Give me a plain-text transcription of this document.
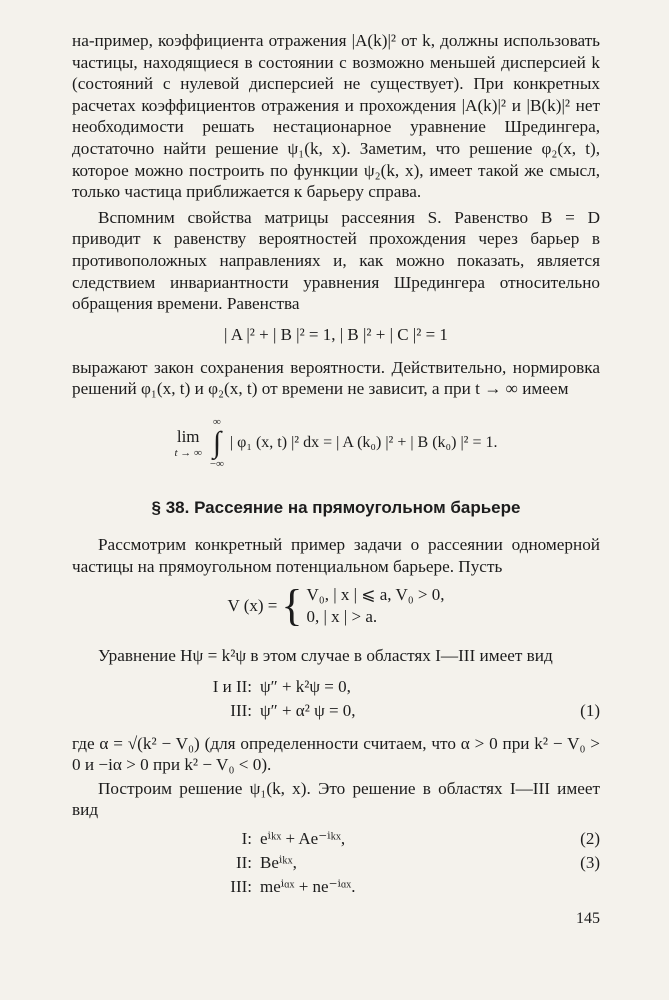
на-пример, коэффициента отражения |A(k)|² от k, должны использовать частицы, находящиеся в состоянии с возможно меньшей дисперсией k (состояний с нулевой дисперсией не существует). При конкретных расчетах коэффициентов отражения и прохождения |A(k)|² и |B(k)|² нет необходимости решать нестационарное уравнение Шредингера, достаточно найти решение ψ₁(k, x). Заметим, что решение φ₂(x, t), которое можно построить по функции ψ₂(k, x), имеет такой же смысл, только частица приближается к барьеру справа.

Вспомним свойства матрицы рассеяния S. Равенство B = D приводит к равенству вероятностей прохождения через барьер в противоположных направлениях и, как можно показать, является следствием инвариантности уравнения Шредингера относительно обращения времени. Равенства

| A |² + | B |² = 1, | B |² + | C |² = 1

выражают закон сохранения вероятности. Действительно, нормировка решений φ₁(x, t) и φ₂(x, t) от времени не зависит, а при t → ∞ имеем

lim
t → ∞
∞
∫
−∞
| φ₁ (x, t) |² dx = | A (k₀) |² + | B (k₀) |² = 1.
§ 38. Рассеяние на прямоугольном барьере

Рассмотрим конкретный пример задачи о рассеянии одномерной частицы на прямоугольном потенциальном барьере. Пусть

V (x) = { V₀, | x | ⩽ a, V₀ > 0,
0, | x | > a.

Уравнение Hψ = k²ψ в этом случае в областях I—III имеет вид

I и II: ψ″ + k²ψ = 0,
III: ψ″ + α² ψ = 0,	(1)

где α = √(k² − V₀) (для определенности считаем, что α > 0 при k² − V₀ > 0 и −iα > 0 при k² − V₀ < 0).

Построим решение ψ₁(k, x). Это решение в областях I—III имеет вид

I: eⁱᵏˣ + Ae⁻ⁱᵏˣ,	(2)
II: Beⁱᵏˣ,	(3)
III: meⁱᵅˣ + ne⁻ⁱᵅˣ.
145
